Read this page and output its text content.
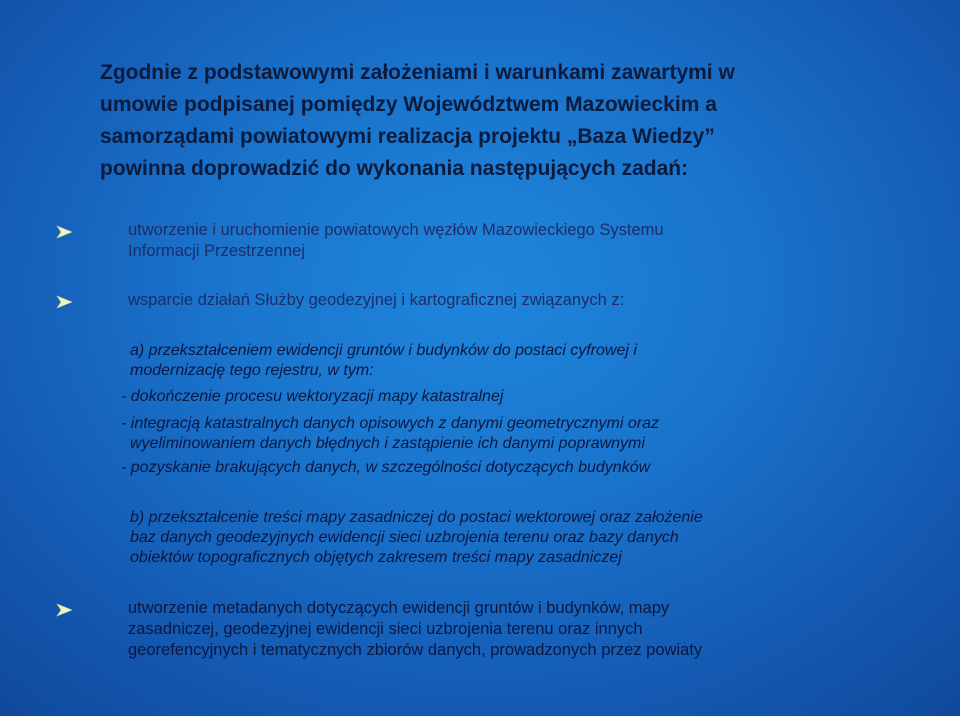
Zgodnie z podstawowymi założeniami i warunkami zawartymi w
umowie podpisanej pomiędzy Województwem Mazowieckim a
samorządami powiatowymi realizacja projektu „Baza Wiedzy”
powinna doprowadzić do wykonania następujących zadań:
utworzenie i uruchomienie powiatowych węzłów Mazowieckiego Systemu
Informacji Przestrzennej
wsparcie działań Służby geodezyjnej i kartograficznej związanych z:
a) przekształceniem ewidencji gruntów i budynków do postaci cyfrowej i
modernizację tego rejestru, w tym:
- dokończenie procesu wektoryzacji mapy katastralnej
- integracją katastralnych danych opisowych z danymi geometrycznymi oraz
wyeliminowaniem danych błędnych i zastąpienie ich danymi poprawnymi
- pozyskanie brakujących danych, w szczególności dotyczących budynków
b) przekształcenie treści mapy zasadniczej do postaci wektorowej oraz założenie
baz danych geodezyjnych ewidencji sieci uzbrojenia terenu oraz bazy danych
obiektów topograficznych objętych zakresem treści mapy zasadniczej
utworzenie metadanych dotyczących ewidencji gruntów i budynków, mapy
zasadniczej, geodezyjnej ewidencji sieci uzbrojenia terenu oraz innych
georefencyjnych i tematycznych zbiorów danych, prowadzonych przez powiaty
